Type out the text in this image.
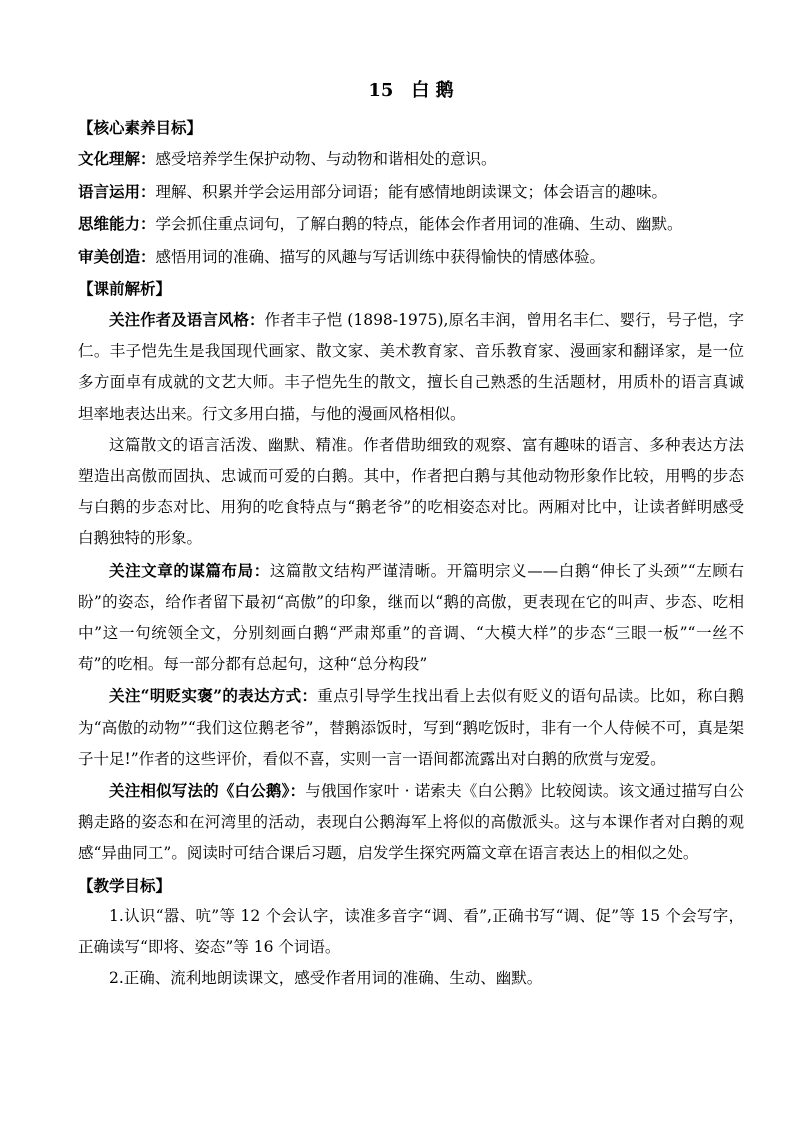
15　白 鹅
【核心素养目标】
文化理解：感受培养学生保护动物、与动物和谐相处的意识。
语言运用：理解、积累并学会运用部分词语；能有感情地朗读课文；体会语言的趣味。
思维能力：学会抓住重点词句，了解白鹅的特点，能体会作者用词的准确、生动、幽默。
审美创造：感悟用词的准确、描写的风趣与写话训练中获得愉快的情感体验。
【课前解析】

关注作者及语言风格：作者丰子恺 (1898-1975),原名丰润，曾用名丰仁、婴行，号子恺，字仁。丰子恺先生是我国现代画家、散文家、美术教育家、音乐教育家、漫画家和翻译家，是一位多方面卓有成就的文艺大师。丰子恺先生的散文，擅长自己熟悉的生活题材，用质朴的语言真诚坦率地表达出来。行文多用白描，与他的漫画风格相似。

这篇散文的语言活泼、幽默、精准。作者借助细致的观察、富有趣味的语言、多种表达方法塑造出高傲而固执、忠诚而可爱的白鹅。其中，作者把白鹅与其他动物形象作比较，用鸭的步态与白鹅的步态对比、用狗的吃食特点与“鹅老爷”的吃相姿态对比。两厢对比中，让读者鲜明感受白鹅独特的形象。

关注文章的谋篇布局：这篇散文结构严谨清晰。开篇明宗义——白鹅“伸长了头颈”“左顾右盼”的姿态，给作者留下最初“高傲”的印象，继而以“鹅的高傲，更表现在它的叫声、步态、吃相中”这一句统领全文，分别刻画白鹅“严肃郑重”的音调、“大模大样”的步态“三眼一板”“一丝不苟”的吃相。每一部分都有总起句，这种“总分构段”

关注“明贬实褒”的表达方式：重点引导学生找出看上去似有贬义的语句品读。比如，称白鹅为“高傲的动物”“我们这位鹅老爷”，替鹅添饭时，写到“鹅吃饭时，非有一个人侍候不可，真是架子十足!”作者的这些评价，看似不喜，实则一言一语间都流露出对白鹅的欣赏与宠爱。

关注相似写法的《白公鹅》：与俄国作家叶 · 诺索夫《白公鹅》比较阅读。该文通过描写白公鹅走路的姿态和在河湾里的活动，表现白公鹅海军上将似的高傲派头。这与本课作者对白鹅的观感“异曲同工”。阅读时可结合课后习题，启发学生探究两篇文章在语言表达上的相似之处。

【教学目标】

1.认识“嚣、吭”等 12 个会认字，读准多音字“调、看”,正确书写“调、促”等 15 个会写字，正确读写“即将、姿态”等 16 个词语。

2.正确、流利地朗读课文，感受作者用词的准确、生动、幽默。
